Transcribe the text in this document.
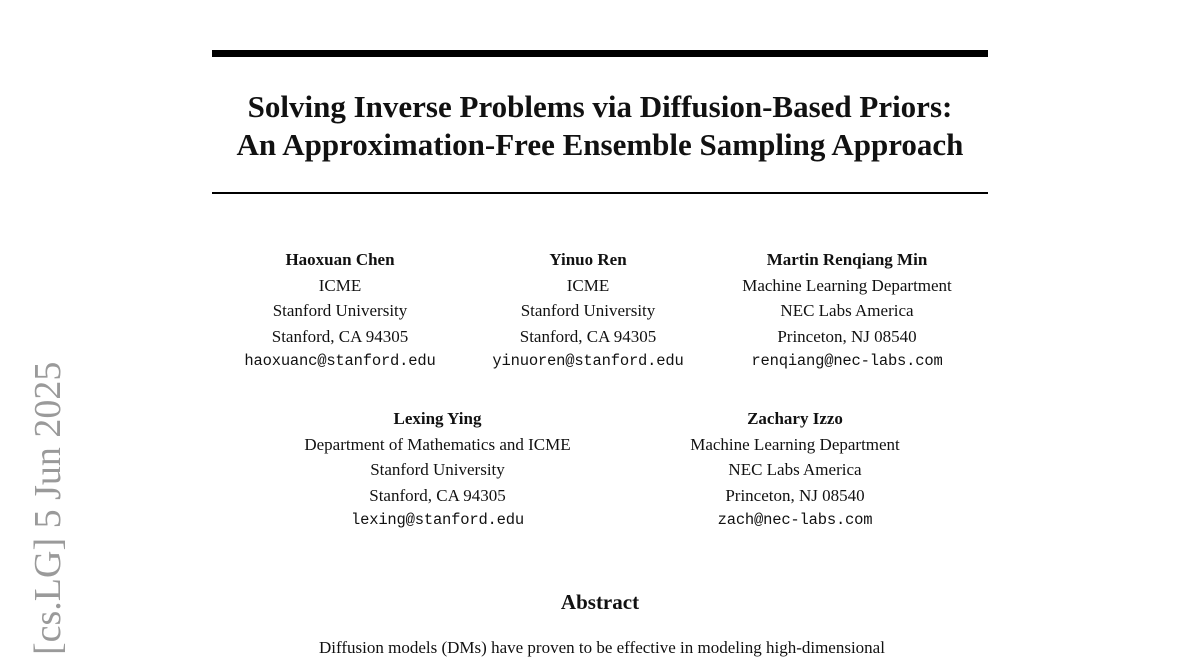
Solving Inverse Problems via Diffusion-Based Priors:
An Approximation-Free Ensemble Sampling Approach
Haoxuan Chen
ICME
Stanford University
Stanford, CA 94305
haoxuanc@stanford.edu
Yinuo Ren
ICME
Stanford University
Stanford, CA 94305
yinuoren@stanford.edu
Martin Renqiang Min
Machine Learning Department
NEC Labs America
Princeton, NJ 08540
renqiang@nec-labs.com
Lexing Ying
Department of Mathematics and ICME
Stanford University
Stanford, CA 94305
lexing@stanford.edu
Zachary Izzo
Machine Learning Department
NEC Labs America
Princeton, NJ 08540
zach@nec-labs.com
Abstract
Diffusion models (DMs) have proven to be effective in modeling high-dimensional
[cs.LG] 5 Jun 2025
